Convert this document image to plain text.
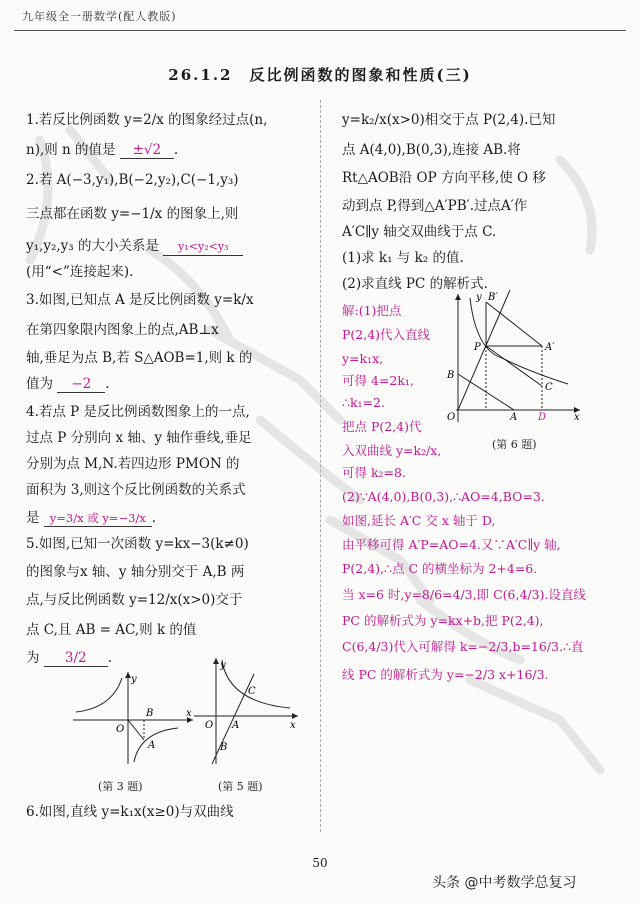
九年级全一册数学(配人教版)
26.1.2　反比例函数的图象和性质(三)
1.若反比例函数 y=2/x 的图象经过点(n,
n),则 n 的值是 ±√2 .
2.若 A(−3,y₁),B(−2,y₂),C(−1,y₃)
三点都在函数 y=−1/x 的图象上,则
y₁,y₂,y₃ 的大小关系是 y₁<y₂<y₃
(用“<”连接起来).
3.如图,已知点 A 是反比例函数 y=k/x
在第四象限内图象上的点,AB⊥x
轴,垂足为点 B,若 S△AOB=1,则 k 的
值为 −2 .
4.若点 P 是反比例函数图象上的一点,
过点 P 分别向 x 轴、y 轴作垂线,垂足
分别为点 M,N.若四边形 PMON 的
面积为 3,则这个反比例函数的关系式
是 y=3/x 或 y=−3/x .
5.如图,已知一次函数 y=kx−3(k≠0)
的图象与x 轴、y 轴分别交于 A,B 两
点,与反比例函数 y=12/x(x>0)交于
点 C,且 AB = AC,则 k 的值
为 3/2 .
y
x
O
B
A
(第 3 题)
y
x
C
O A
B
(第 5 题)
6.如图,直线 y=k₁x(x≥0)与双曲线
y=k₂/x(x>0)相交于点 P(2,4).已知
点 A(4,0),B(0,3),连接 AB.将
Rt△AOB沿 OP 方向平移,使 O 移
动到点 P,得到△A′PB′.过点A′作
A′C∥y 轴交双曲线于点 C.
(1)求 k₁ 与 k₂ 的值.
(2)求直线 PC 的解析式.
解:(1)把点
P(2,4)代入直线
y=k₁x,
可得 4=2k₁,
∴k₁=2.
把点 P(2,4)代
入双曲线 y=k₂/x,
可得 k₂=8.
(2)∵A(4,0),B(0,3),∴AO=4,BO=3.
如图,延长 A′C 交 x 轴于 D,
由平移可得 A′P=AO=4.又∵A′C∥y 轴,
P(2,4),∴点 C 的横坐标为 2+4=6.
当 x=6 时,y=8/6=4/3,即 C(6,4/3).设直线
PC 的解析式为 y=kx+b,把 P(2,4),
C(6,4/3)代入可解得 k=−2/3,b=16/3.∴直
线 PC 的解析式为 y=−2/3 x+16/3.
y B′
P	A′
B
C
O	A D	x
(第 6 题)
50
头条 @中考数学总复习
